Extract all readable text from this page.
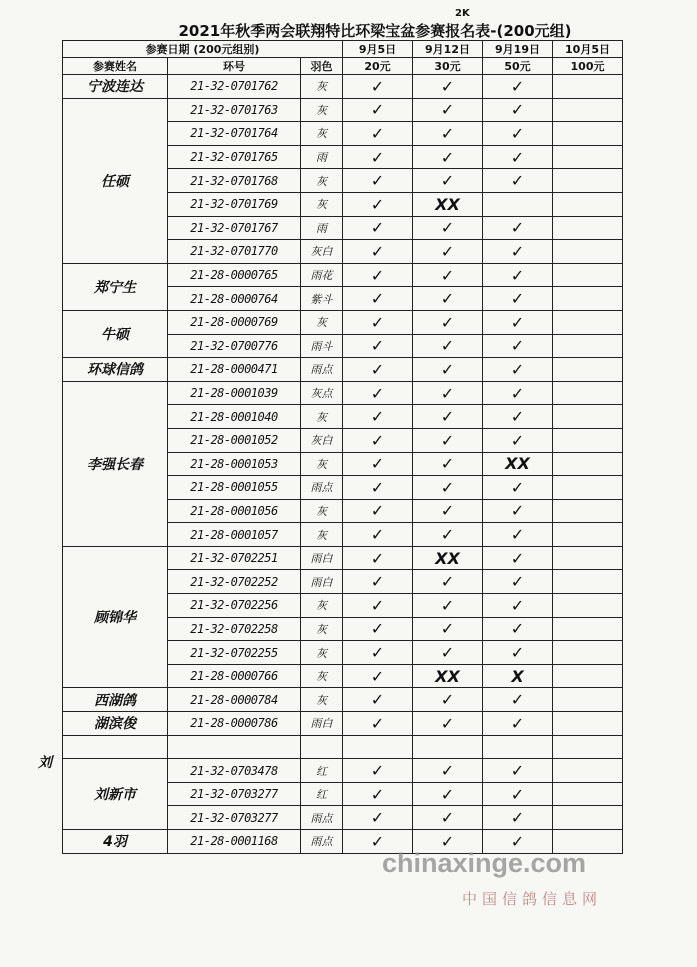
2K
2021年秋季两会联翔特比环梁宝盆参赛报名表-(200元组)
参赛日期 (200元组别)			9月5日	9月12日	9月19日	10月5日
参赛姓名	环号	羽色	20元	30元	50元	100元
宁波连达	21-32-0701762	灰	✓	✓	✓	
任硕	21-32-0701763	灰	✓	✓	✓	
	21-32-0701764	灰	✓	✓	✓	
	21-32-0701765	雨	✓	✓	✓	
	21-32-0701768	灰	✓	✓	✓	
	21-32-0701769	灰	✓	XX		
	21-32-0701767	雨	✓	✓	✓	
	21-32-0701770	灰白	✓	✓	✓	
郑宁生	21-28-0000765	雨花	✓	✓	✓	
	21-28-0000764	紫斗	✓	✓	✓	
牛硕	21-28-0000769	灰	✓	✓	✓	
	21-32-0700776	雨斗	✓	✓	✓	
环球信鸽	21-28-0000471	雨点	✓	✓	✓	
李强长春	21-28-0001039	灰点	✓	✓	✓	
	21-28-0001040	灰	✓	✓	✓	
	21-28-0001052	灰白	✓	✓	✓	
	21-28-0001053	灰	✓	✓	XX	
	21-28-0001055	雨点	✓	✓	✓	
	21-28-0001056	灰	✓	✓	✓	
	21-28-0001057	灰	✓	✓	✓	
顾锦华	21-32-0702251	雨白	✓	XX	✓	
	21-32-0702252	雨白	✓	✓	✓	
	21-32-0702256	灰	✓	✓	✓	
	21-32-0702258	灰	✓	✓	✓	
	21-32-0702255	灰	✓	✓	✓	
	21-28-0000766	灰	✓	XX	X	
西湖鸽	21-28-0000784	灰	✓	✓	✓	
湖滨俊	21-28-0000786	雨白	✓	✓	✓	

刘新市	21-32-0703478	红	✓	✓	✓	
	21-32-0703277	红	✓	✓	✓	
	21-32-0703277	雨点	✓	✓	✓	
4羽	21-28-0001168	雨点	✓	✓	✓	
刘
chinaxinge.com
中国信鸽信息网
